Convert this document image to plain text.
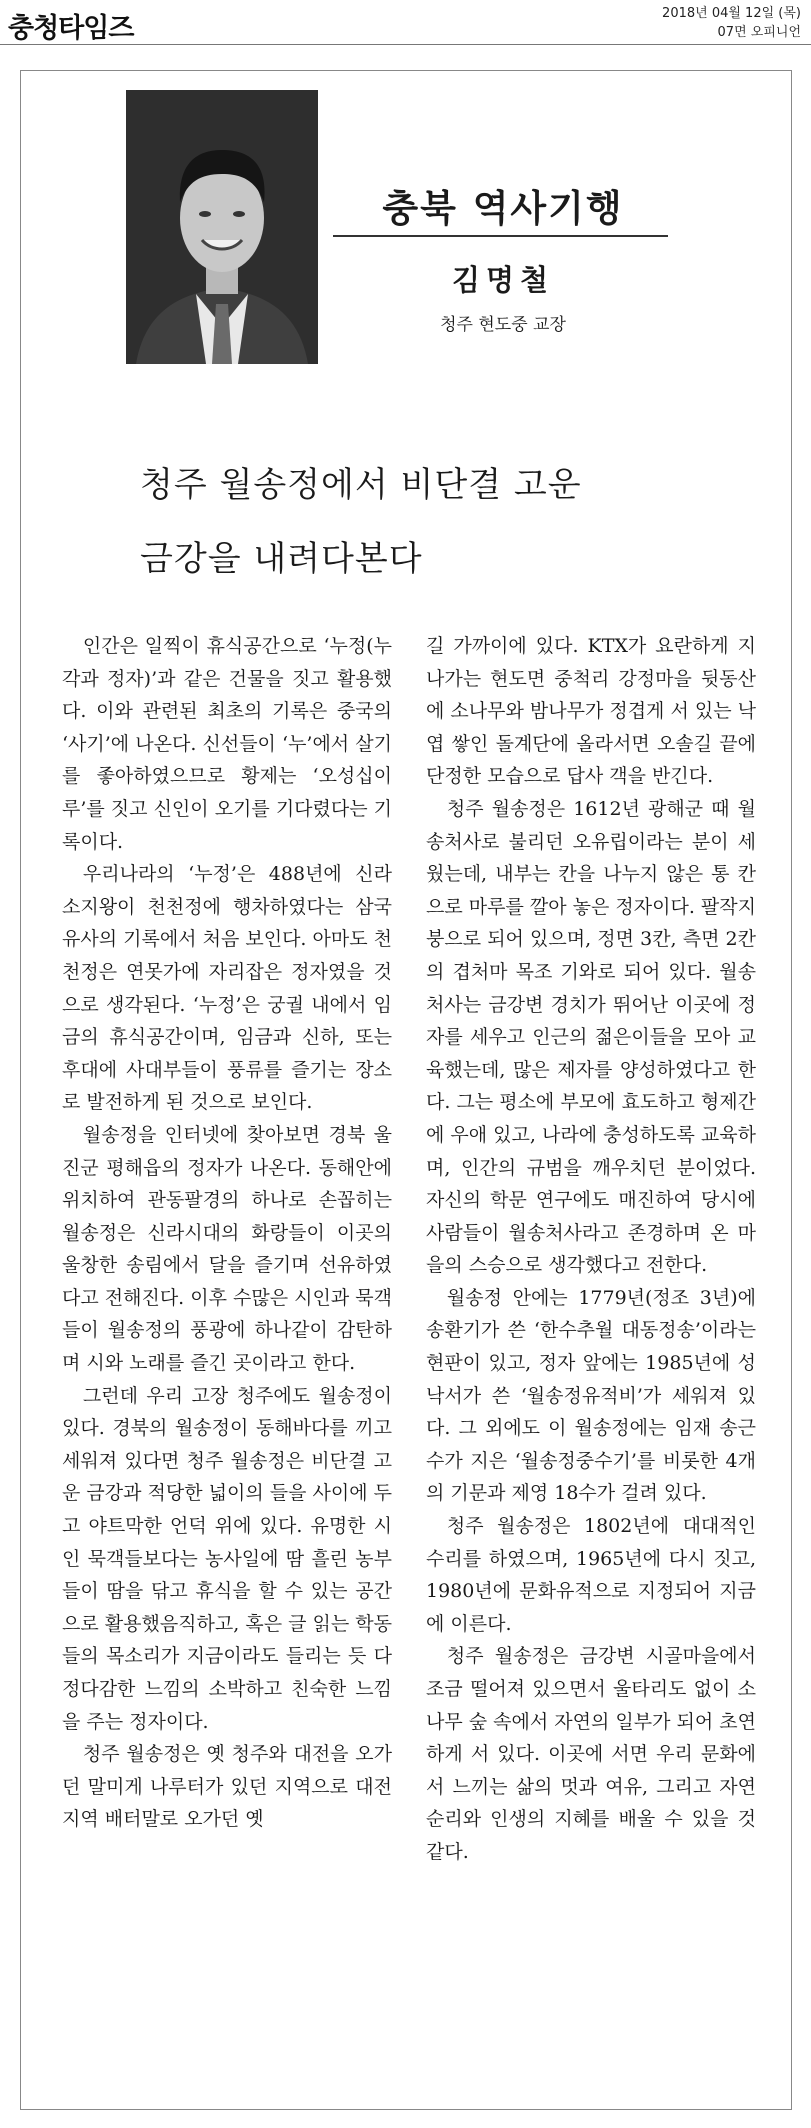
충청타임즈	2018년 04월 12일 (목)
07면 오피니언
충북 역사기행
김명철
청주 현도중 교장
청주 월송정에서 비단결 고운
금강을 내려다본다

인간은 일찍이 휴식공간으로 ‘누정(누각과 정자)’과 같은 건물을 짓고 활용했다. 이와 관련된 최초의 기록은 중국의 ‘사기’에 나온다. 신선들이 ‘누’에서 살기를 좋아하였으므로 황제는 ‘오성십이루’를 짓고 신인이 오기를 기다렸다는 기록이다.

우리나라의 ‘누정’은 488년에 신라 소지왕이 천천정에 행차하였다는 삼국유사의 기록에서 처음 보인다. 아마도 천천정은 연못가에 자리잡은 정자였을 것으로 생각된다. ‘누정’은 궁궐 내에서 임금의 휴식공간이며, 임금과 신하, 또는 후대에 사대부들이 풍류를 즐기는 장소로 발전하게 된 것으로 보인다.

월송정을 인터넷에 찾아보면 경북 울진군 평해읍의 정자가 나온다. 동해안에 위치하여 관동팔경의 하나로 손꼽히는 월송정은 신라시대의 화랑들이 이곳의 울창한 송림에서 달을 즐기며 선유하였다고 전해진다. 이후 수많은 시인과 묵객들이 월송정의 풍광에 하나같이 감탄하며 시와 노래를 즐긴 곳이라고 한다.

그런데 우리 고장 청주에도 월송정이 있다. 경북의 월송정이 동해바다를 끼고 세워져 있다면 청주 월송정은 비단결 고운 금강과 적당한 넓이의 들을 사이에 두고 야트막한 언덕 위에 있다. 유명한 시인 묵객들보다는 농사일에 땀 흘린 농부들이 땀을 닦고 휴식을 할 수 있는 공간으로 활용했음직하고, 혹은 글 읽는 학동들의 목소리가 지금이라도 들리는 듯 다정다감한 느낌의 소박하고 친숙한 느낌을 주는 정자이다.

청주 월송정은 옛 청주와 대전을 오가던 말미게 나루터가 있던 지역으로 대전지역 배터말로 오가던 옛

길 가까이에 있다. KTX가 요란하게 지나가는 현도면 중척리 강정마을 뒷동산에 소나무와 밤나무가 정겹게 서 있는 낙엽 쌓인 돌계단에 올라서면 오솔길 끝에 단정한 모습으로 답사 객을 반긴다.

청주 월송정은 1612년 광해군 때 월송처사로 불리던 오유립이라는 분이 세웠는데, 내부는 칸을 나누지 않은 통 칸으로 마루를 깔아 놓은 정자이다. 팔작지붕으로 되어 있으며, 정면 3칸, 측면 2칸의 겹처마 목조 기와로 되어 있다. 월송처사는 금강변 경치가 뛰어난 이곳에 정자를 세우고 인근의 젊은이들을 모아 교육했는데, 많은 제자를 양성하였다고 한다. 그는 평소에 부모에 효도하고 형제간에 우애 있고, 나라에 충성하도록 교육하며, 인간의 규범을 깨우치던 분이었다. 자신의 학문 연구에도 매진하여 당시에 사람들이 월송처사라고 존경하며 온 마을의 스승으로 생각했다고 전한다.

월송정 안에는 1779년(정조 3년)에 송환기가 쓴 ‘한수추월 대동정송’이라는 현판이 있고, 정자 앞에는 1985년에 성낙서가 쓴 ‘월송정유적비’가 세워져 있다. 그 외에도 이 월송정에는 임재 송근수가 지은 ‘월송정중수기’를 비롯한 4개의 기문과 제영 18수가 걸려 있다.

청주 월송정은 1802년에 대대적인 수리를 하였으며, 1965년에 다시 짓고, 1980년에 문화유적으로 지정되어 지금에 이른다.

청주 월송정은 금강변 시골마을에서 조금 떨어져 있으면서 울타리도 없이 소나무 숲 속에서 자연의 일부가 되어 초연하게 서 있다. 이곳에 서면 우리 문화에서 느끼는 삶의 멋과 여유, 그리고 자연 순리와 인생의 지혜를 배울 수 있을 것 같다.
